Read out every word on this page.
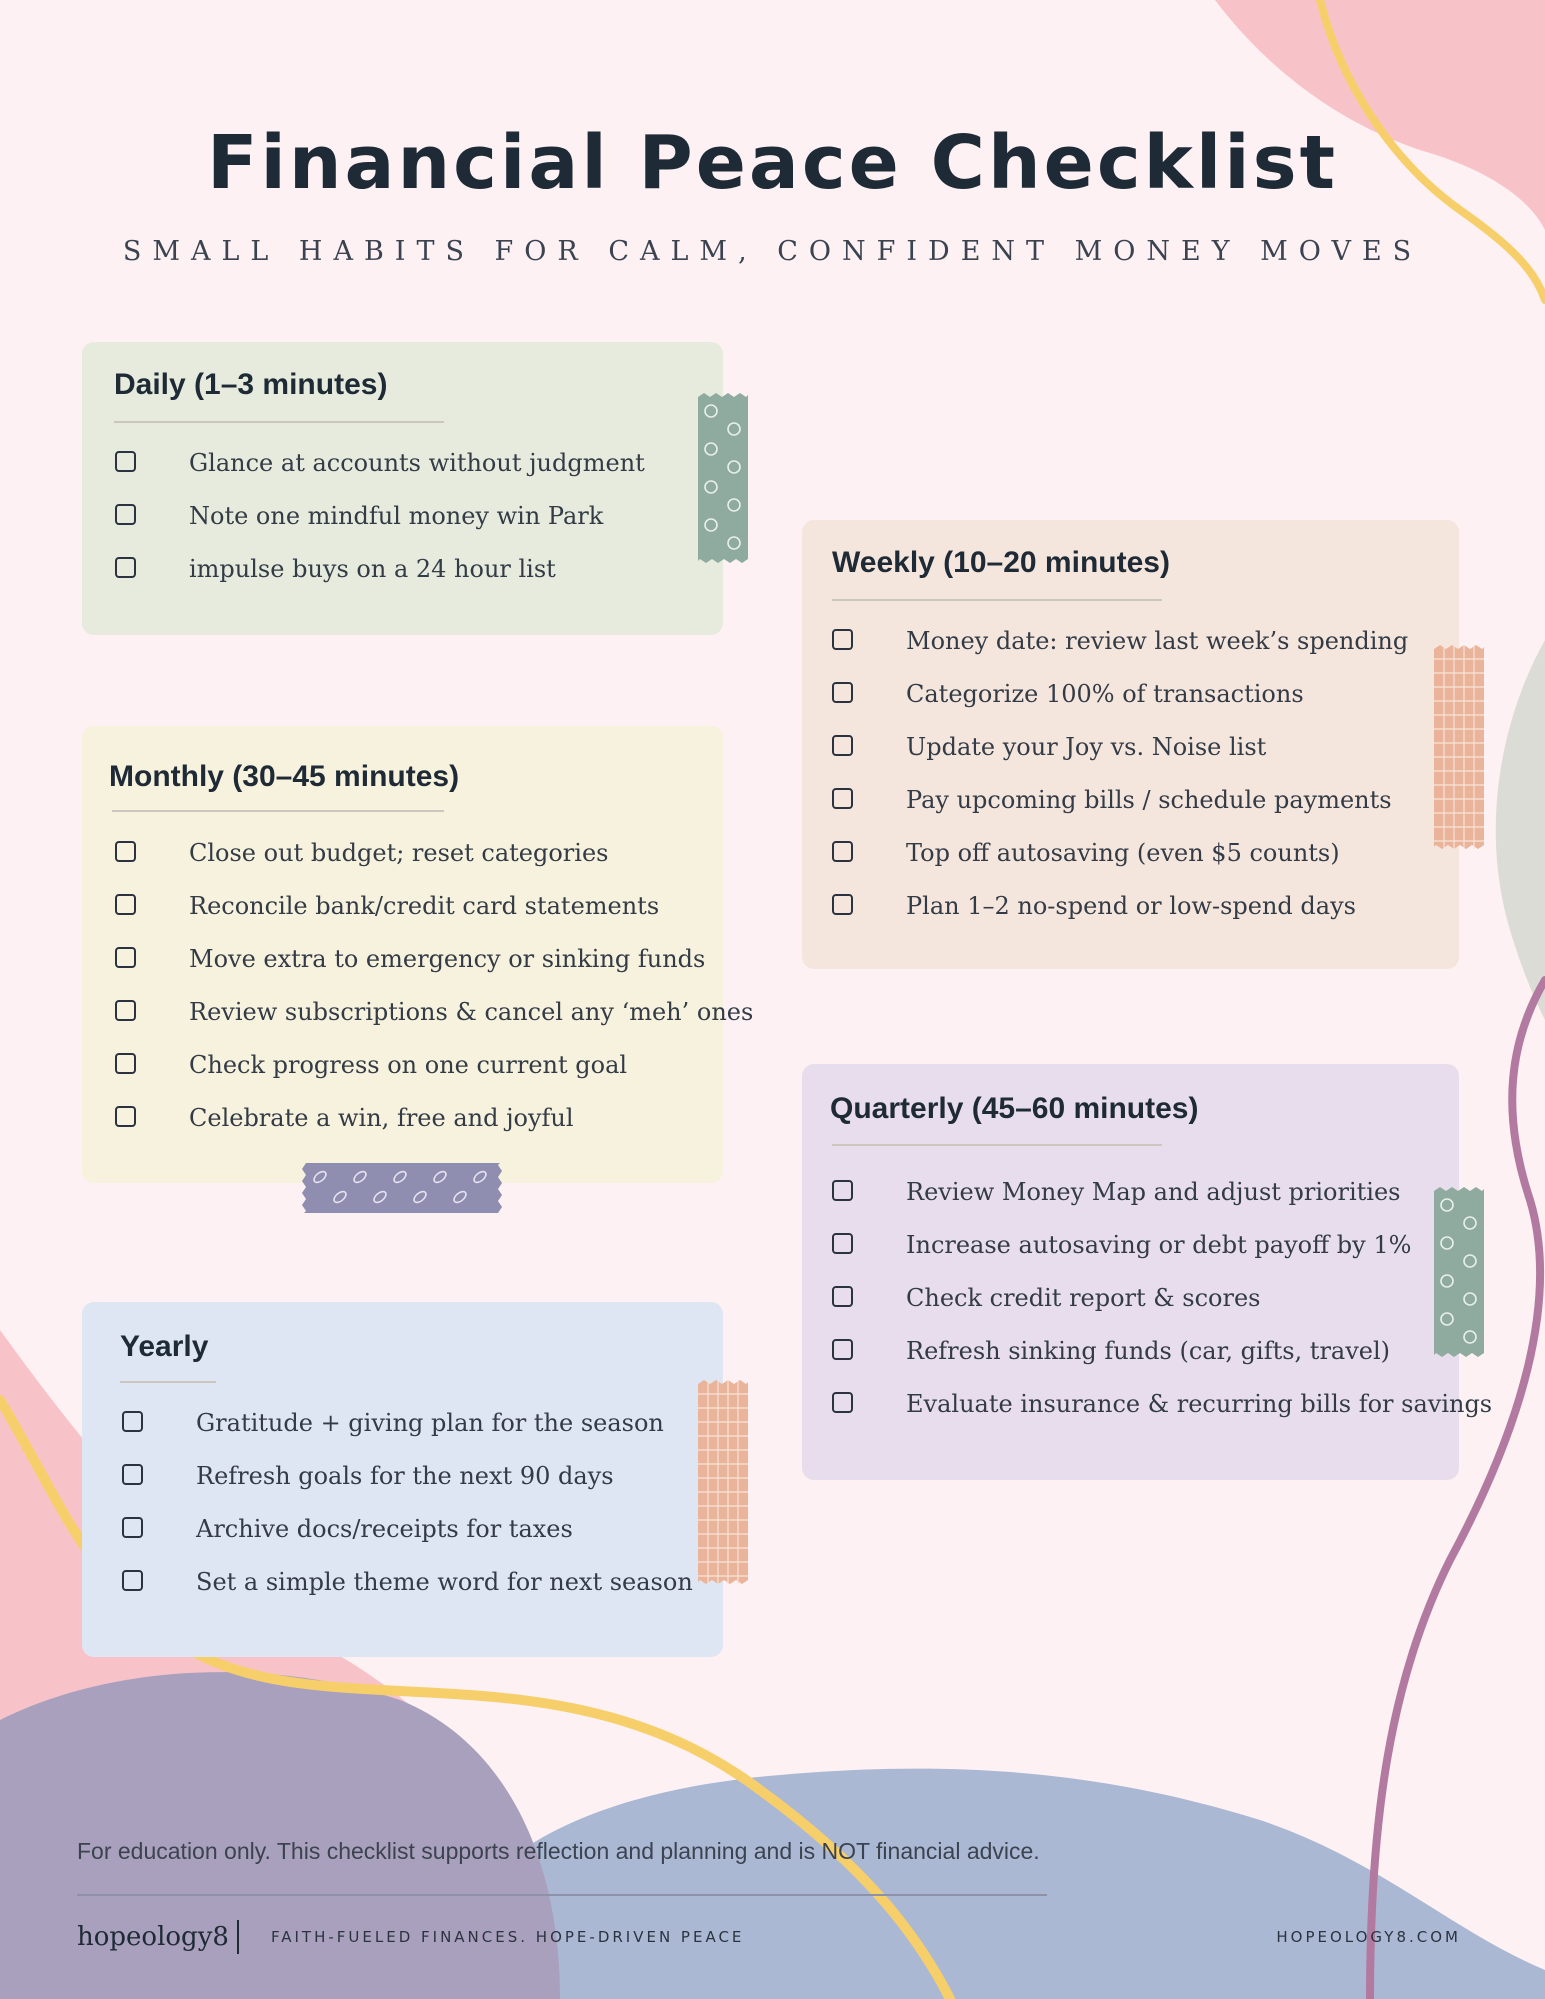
Financial Peace Checklist

SMALL HABITS FOR CALM, CONFIDENT MONEY MOVES

Daily (1–3 minutes)
Glance at accounts without judgment
Note one mindful money win Park
impulse buys on a 24 hour list	Weekly (10–20 minutes)
Money date: review last week’s spending
Categorize 100% of transactions
Update your Joy vs. Noise list
Pay upcoming bills / schedule payments
Top off autosaving (even $5 counts)
Plan 1–2 no-spend or low-spend days
Monthly (30–45 minutes)
Close out budget; reset categories
Reconcile bank/credit card statements
Move extra to emergency or sinking funds
Review subscriptions & cancel any ‘meh’ ones
Check progress on one current goal
Celebrate a win, free and joyful	Quarterly (45–60 minutes)
Review Money Map and adjust priorities
Increase autosaving or debt payoff by 1%
Check credit report & scores
Refresh sinking funds (car, gifts, travel)
Evaluate insurance & recurring bills for savings
Yearly
Gratitude + giving plan for the season
Refresh goals for the next 90 days
Archive docs/receipts for taxes
Set a simple theme word for next season

For education only. This checklist supports reflection and planning and is NOT financial advice.

hopeology8	FAITH-FUELED FINANCES. HOPE-DRIVEN PEACE	HOPEOLOGY8.COM
